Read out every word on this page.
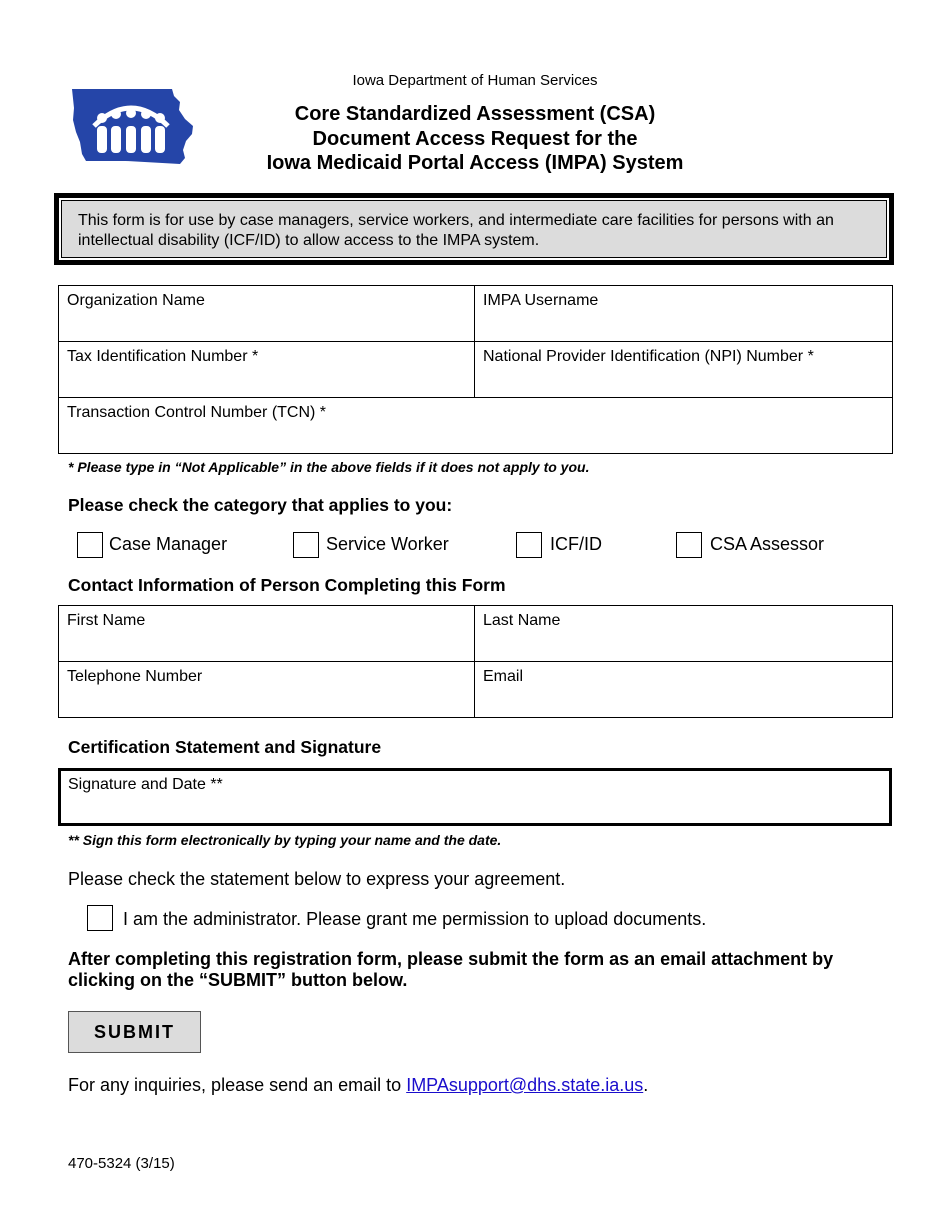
Iowa Department of Human Services
Core Standardized Assessment (CSA)
Document Access Request for the
Iowa Medicaid Portal Access (IMPA) System
This form is for use by case managers, service workers, and intermediate care facilities for persons with an intellectual disability (ICF/ID) to allow access to the IMPA system.
Organization Name	IMPA Username
Tax Identification Number *	National Provider Identification (NPI) Number *
Transaction Control Number (TCN) *	
* Please type in “Not Applicable” in the above fields if it does not apply to you.
Please check the category that applies to you:
Case Manager	Service Worker	ICF/ID	CSA Assessor
Contact Information of Person Completing this Form
First Name	Last Name
Telephone Number	Email
Certification Statement and Signature
Signature and Date **
** Sign this form electronically by typing your name and the date.
Please check the statement below to express your agreement.
I am the administrator. Please grant me permission to upload documents.
After completing this registration form, please submit the form as an email attachment by clicking on the “SUBMIT” button below.
SUBMIT
For any inquiries, please send an email to IMPAsupport@dhs.state.ia.us.
470-5324 (3/15)
